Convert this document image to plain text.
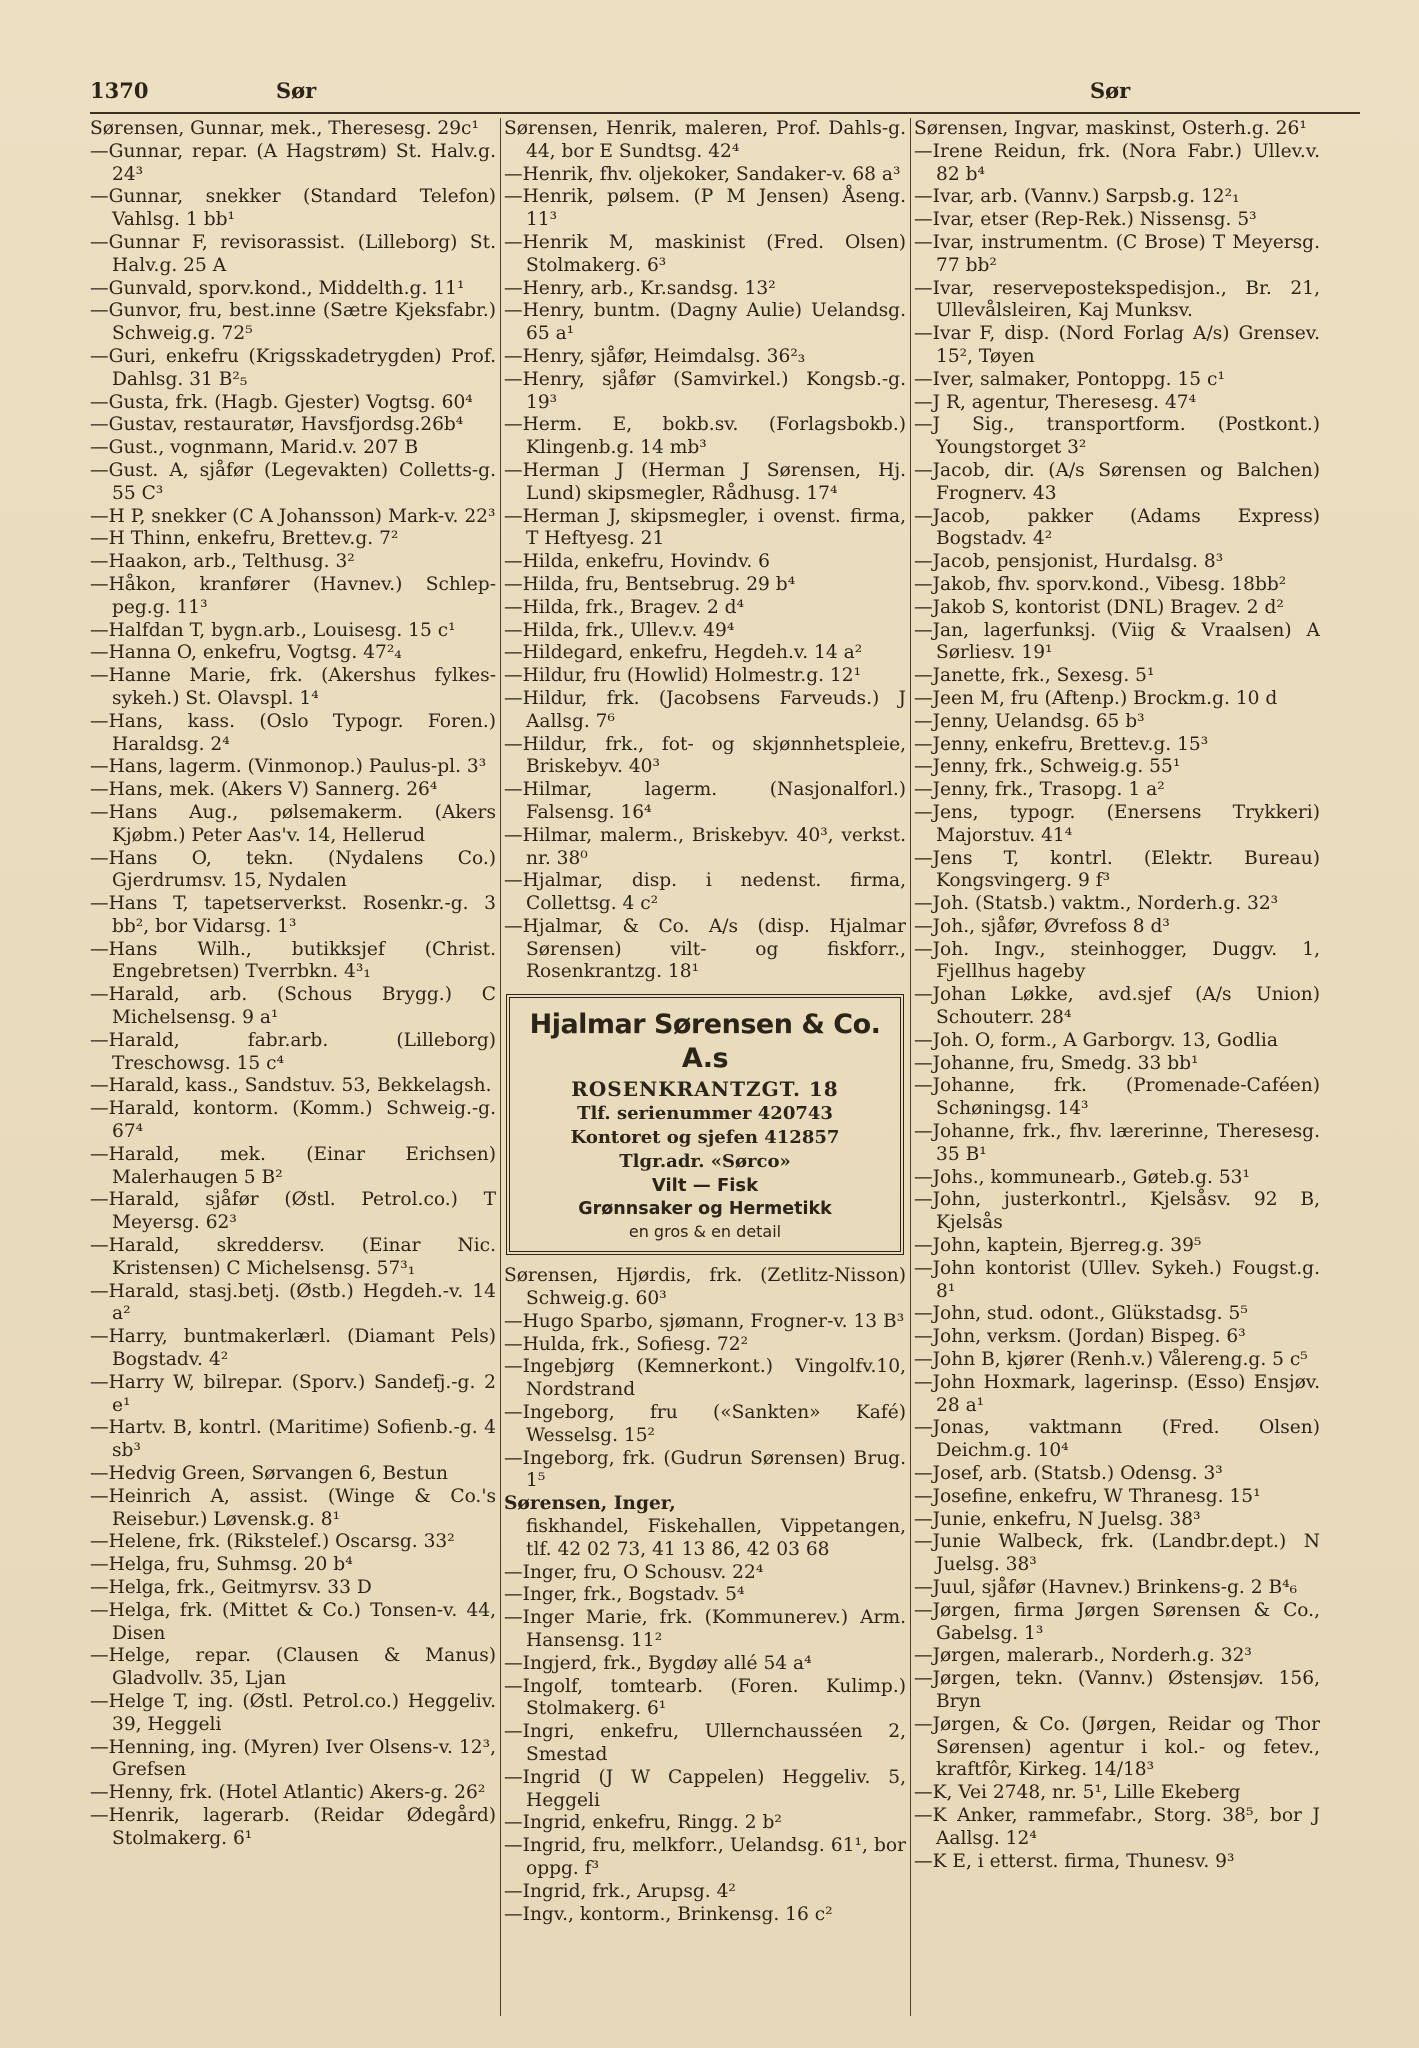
1370	Sør	Sør

Sørensen, Gunnar, mek., Theresesg. 29c¹

—Gunnar, repar. (A Hagstrøm) St. Halv.g. 24³

—Gunnar, snekker (Standard Telefon) Vahlsg. 1 bb¹

—Gunnar F, revisorassist. (Lilleborg) St. Halv.g. 25 A

—Gunvald, sporv.kond., Middelth.g. 11¹

—Gunvor, fru, best.inne (Sætre Kjeksfabr.) Schweig.g. 72⁵

—Guri, enkefru (Krigsskadetrygden) Prof. Dahlsg. 31 B²₅

—Gusta, frk. (Hagb. Gjester) Vogtsg. 60⁴

—Gustav, restauratør, Havsfjordsg.26b⁴

—Gust., vognmann, Marid.v. 207 B

—Gust. A, sjåfør (Legevakten) Colletts-g. 55 C³

—H P, snekker (C A Johansson) Mark-v. 22³

—H Thinn, enkefru, Brettev.g. 7²

—Haakon, arb., Telthusg. 3²

—Håkon, kranfører (Havnev.) Schlep-peg.g. 11³

—Halfdan T, bygn.arb., Louisesg. 15 c¹

—Hanna O, enkefru, Vogtsg. 47²₄

—Hanne Marie, frk. (Akershus fylkes-sykeh.) St. Olavspl. 1⁴

—Hans, kass. (Oslo Typogr. Foren.) Haraldsg. 2⁴

—Hans, lagerm. (Vinmonop.) Paulus-pl. 3³

—Hans, mek. (Akers V) Sannerg. 26⁴

—Hans Aug., pølsemakerm. (Akers Kjøbm.) Peter Aas'v. 14, Hellerud

—Hans O, tekn. (Nydalens Co.) Gjerdrumsv. 15, Nydalen

—Hans T, tapetserverkst. Rosenkr.-g. 3 bb², bor Vidarsg. 1³

—Hans Wilh., butikksjef (Christ. Engebretsen) Tverrbkn. 4³₁

—Harald, arb. (Schous Brygg.) C Michelsensg. 9 a¹

—Harald, fabr.arb. (Lilleborg) Treschowsg. 15 c⁴

—Harald, kass., Sandstuv. 53, Bekkelagsh.

—Harald, kontorm. (Komm.) Schweig.-g. 67⁴

—Harald, mek. (Einar Erichsen) Malerhaugen 5 B²

—Harald, sjåfør (Østl. Petrol.co.) T Meyersg. 62³

—Harald, skreddersv. (Einar Nic. Kristensen) C Michelsensg. 57³₁

—Harald, stasj.betj. (Østb.) Hegdeh.-v. 14 a²

—Harry, buntmakerlærl. (Diamant Pels) Bogstadv. 4²

—Harry W, bilrepar. (Sporv.) Sandefj.-g. 2 e¹

—Hartv. B, kontrl. (Maritime) Sofienb.-g. 4 sb³

—Hedvig Green, Sørvangen 6, Bestun

—Heinrich A, assist. (Winge & Co.'s Reisebur.) Løvensk.g. 8¹

—Helene, frk. (Rikstelef.) Oscarsg. 33²

—Helga, fru, Suhmsg. 20 b⁴

—Helga, frk., Geitmyrsv. 33 D

—Helga, frk. (Mittet & Co.) Tonsen-v. 44, Disen

—Helge, repar. (Clausen & Manus) Gladvollv. 35, Ljan

—Helge T, ing. (Østl. Petrol.co.) Heggeliv. 39, Heggeli

—Henning, ing. (Myren) Iver Olsens-v. 12³, Grefsen

—Henny, frk. (Hotel Atlantic) Akers-g. 26²

—Henrik, lagerarb. (Reidar Ødegård) Stolmakerg. 6¹

Sørensen, Henrik, maleren, Prof. Dahls-g. 44, bor E Sundtsg. 42⁴

—Henrik, fhv. oljekoker, Sandaker-v. 68 a³

—Henrik, pølsem. (P M Jensen) Åseng. 11³

—Henrik M, maskinist (Fred. Olsen) Stolmakerg. 6³

—Henry, arb., Kr.sandsg. 13²

—Henry, buntm. (Dagny Aulie) Uelandsg. 65 a¹

—Henry, sjåfør, Heimdalsg. 36²₃

—Henry, sjåfør (Samvirkel.) Kongsb.-g. 19³

—Herm. E, bokb.sv. (Forlagsbokb.) Klingenb.g. 14 mb³

—Herman J (Herman J Sørensen, Hj. Lund) skipsmegler, Rådhusg. 17⁴

—Herman J, skipsmegler, i ovenst. firma, T Heftyesg. 21

—Hilda, enkefru, Hovindv. 6

—Hilda, fru, Bentsebrug. 29 b⁴

—Hilda, frk., Bragev. 2 d⁴

—Hilda, frk., Ullev.v. 49⁴

—Hildegard, enkefru, Hegdeh.v. 14 a²

—Hildur, fru (Howlid) Holmestr.g. 12¹

—Hildur, frk. (Jacobsens Farveuds.) J Aallsg. 7⁶

—Hildur, frk., fot- og skjønnhetspleie, Briskebyv. 40³

—Hilmar, lagerm. (Nasjonalforl.) Falsensg. 16⁴

—Hilmar, malerm., Briskebyv. 40³, verkst. nr. 38⁰

—Hjalmar, disp. i nedenst. firma, Collettsg. 4 c²

—Hjalmar, & Co. A/s (disp. Hjalmar Sørensen) vilt- og fiskforr., Rosenkrantzg. 18¹

Hjalmar Sørensen & Co. A.s
ROSENKRANTZGT. 18
Tlf. serienummer 420743
Kontoret og sjefen 412857
Tlgr.adr. «Sørco»
Vilt — Fisk
Grønnsaker og Hermetikk
en gros & en detail

Sørensen, Hjørdis, frk. (Zetlitz-Nisson) Schweig.g. 60³

—Hugo Sparbo, sjømann, Frogner-v. 13 B³

—Hulda, frk., Sofiesg. 72²

—Ingebjørg (Kemnerkont.) Vingolfv.10, Nordstrand

—Ingeborg, fru («Sankten» Kafé) Wesselsg. 15²

—Ingeborg, frk. (Gudrun Sørensen) Brug. 1⁵

Sørensen, Inger,
fiskhandel, Fiskehallen, Vippetangen, tlf. 42 02 73, 41 13 86, 42 03 68

—Inger, fru, O Schousv. 22⁴

—Inger, frk., Bogstadv. 5⁴

—Inger Marie, frk. (Kommunerev.) Arm. Hansensg. 11²

—Ingjerd, frk., Bygdøy allé 54 a⁴

—Ingolf, tomtearb. (Foren. Kulimp.) Stolmakerg. 6¹

—Ingri, enkefru, Ullernchausséen 2, Smestad

—Ingrid (J W Cappelen) Heggeliv. 5, Heggeli

—Ingrid, enkefru, Ringg. 2 b²

—Ingrid, fru, melkforr., Uelandsg. 61¹, bor oppg. f³

—Ingrid, frk., Arupsg. 4²

—Ingv., kontorm., Brinkensg. 16 c²

Sørensen, Ingvar, maskinst, Osterh.g. 26¹

—Irene Reidun, frk. (Nora Fabr.) Ullev.v. 82 b⁴

—Ivar, arb. (Vannv.) Sarpsb.g. 12²₁

—Ivar, etser (Rep-Rek.) Nissensg. 5³

—Ivar, instrumentm. (C Brose) T Meyersg. 77 bb²

—Ivar, reservepostekspedisjon., Br. 21, Ullevålsleiren, Kaj Munksv.

—Ivar F, disp. (Nord Forlag A/s) Grensev. 15², Tøyen

—Iver, salmaker, Pontoppg. 15 c¹

—J R, agentur, Theresesg. 47⁴

—J Sig., transportform. (Postkont.) Youngstorget 3²

—Jacob, dir. (A/s Sørensen og Balchen) Frognerv. 43

—Jacob, pakker (Adams Express) Bogstadv. 4²

—Jacob, pensjonist, Hurdalsg. 8³

—Jakob, fhv. sporv.kond., Vibesg. 18bb²

—Jakob S, kontorist (DNL) Bragev. 2 d²

—Jan, lagerfunksj. (Viig & Vraalsen) A Sørliesv. 19¹

—Janette, frk., Sexesg. 5¹

—Jeen M, fru (Aftenp.) Brockm.g. 10 d

—Jenny, Uelandsg. 65 b³

—Jenny, enkefru, Brettev.g. 15³

—Jenny, frk., Schweig.g. 55¹

—Jenny, frk., Trasopg. 1 a²

—Jens, typogr. (Enersens Trykkeri) Majorstuv. 41⁴

—Jens T, kontrl. (Elektr. Bureau) Kongsvingerg. 9 f³

—Joh. (Statsb.) vaktm., Norderh.g. 32³

—Joh., sjåfør, Øvrefoss 8 d³

—Joh. Ingv., steinhogger, Duggv. 1, Fjellhus hageby

—Johan Løkke, avd.sjef (A/s Union) Schouterr. 28⁴

—Joh. O, form., A Garborgv. 13, Godlia

—Johanne, fru, Smedg. 33 bb¹

—Johanne, frk. (Promenade-Caféen) Schøningsg. 14³

—Johanne, frk., fhv. lærerinne, Theresesg. 35 B¹

—Johs., kommunearb., Gøteb.g. 53¹

—John, justerkontrl., Kjelsåsv. 92 B, Kjelsås

—John, kaptein, Bjerreg.g. 39⁵

—John kontorist (Ullev. Sykeh.) Fougst.g. 8¹

—John, stud. odont., Glükstadsg. 5⁵

—John, verksm. (Jordan) Bispeg. 6³

—John B, kjører (Renh.v.) Vålereng.g. 5 c⁵

—John Hoxmark, lagerinsp. (Esso) Ensjøv. 28 a¹

—Jonas, vaktmann (Fred. Olsen) Deichm.g. 10⁴

—Josef, arb. (Statsb.) Odensg. 3³

—Josefine, enkefru, W Thranesg. 15¹

—Junie, enkefru, N Juelsg. 38³

—Junie Walbeck, frk. (Landbr.dept.) N Juelsg. 38³

—Juul, sjåfør (Havnev.) Brinkens-g. 2 B⁴₆

—Jørgen, firma Jørgen Sørensen & Co., Gabelsg. 1³

—Jørgen, malerarb., Norderh.g. 32³

—Jørgen, tekn. (Vannv.) Østensjøv. 156, Bryn

—Jørgen, & Co. (Jørgen, Reidar og Thor Sørensen) agentur i kol.- og fetev., kraftfôr, Kirkeg. 14/18³

—K, Vei 2748, nr. 5¹, Lille Ekeberg

—K Anker, rammefabr., Storg. 38⁵, bor J Aallsg. 12⁴

—K E, i etterst. firma, Thunesv. 9³
